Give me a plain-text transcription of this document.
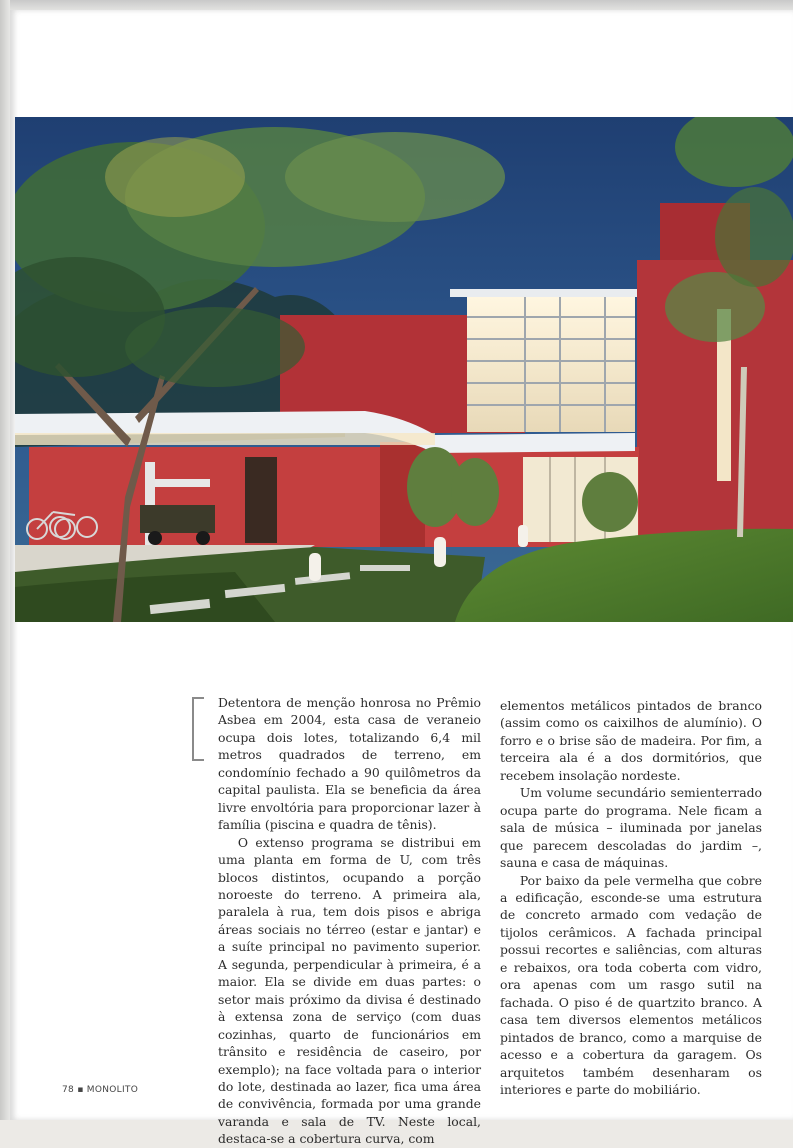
Detentora de menção honrosa no Prêmio Asbea em 2004, esta casa de veraneio ocupa dois lotes, totalizando 6,4 mil metros quadrados de terreno, em condomínio fechado a 90 quilômetros da capital paulista. Ela se beneficia da área livre envoltória para proporcionar lazer à família (piscina e quadra de tênis).

O extenso programa se distribui em uma planta em forma de U, com três blocos distintos, ocupando a porção noroeste do terreno. A primeira ala, paralela à rua, tem dois pisos e abriga áreas sociais no térreo (estar e jantar) e a suíte principal no pavimento superior. A segunda, perpendicular à primeira, é a maior. Ela se divide em duas partes: o setor mais próximo da divisa é destinado à extensa zona de serviço (com duas cozinhas, quarto de funcionários em trânsito e residência de caseiro, por exemplo); na face voltada para o interior do lote, destinada ao lazer, fica uma área de convivência, formada por uma grande varanda e sala de TV. Neste local, destaca-se a cobertura curva, com

elementos metálicos pintados de branco (assim como os caixilhos de alumínio). O forro e o brise são de madeira. Por fim, a terceira ala é a dos dormitórios, que recebem insolação nordeste.

Um volume secundário semienterrado ocupa parte do programa. Nele ficam a sala de música – iluminada por janelas que parecem descoladas do jardim –, sauna e casa de máquinas.

Por baixo da pele vermelha que cobre a edificação, esconde-se uma estrutura de concreto armado com vedação de tijolos cerâmicos. A fachada principal possui recortes e saliências, com alturas e rebaixos, ora toda coberta com vidro, ora apenas com um rasgo sutil na fachada. O piso é de quartzito branco. A casa tem diversos elementos metálicos pintados de branco, como a marquise de acesso e a cobertura da garagem. Os arquitetos também desenharam os interiores e parte do mobiliário.

78 ▪ MONOLITO
